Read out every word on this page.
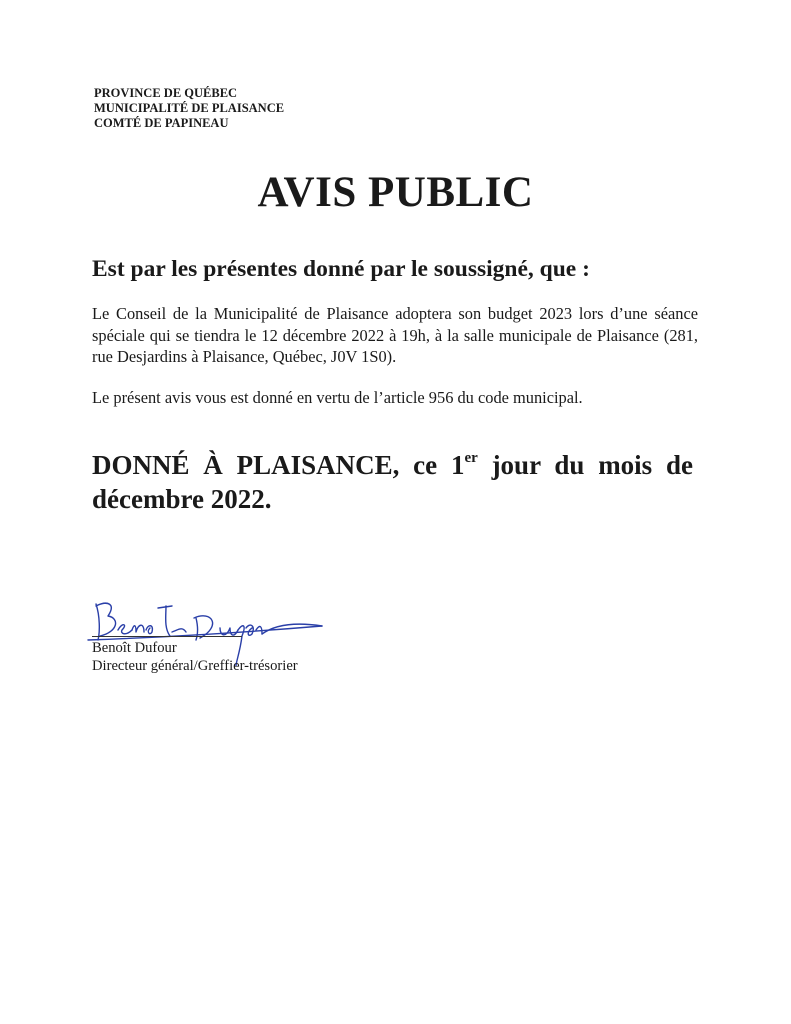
PROVINCE DE QUÉBEC
MUNICIPALITÉ DE PLAISANCE
COMTÉ DE PAPINEAU
AVIS PUBLIC
Est par les présentes donné par le soussigné, que :
Le Conseil de la Municipalité de Plaisance adoptera son budget 2023 lors d’une séance spéciale qui se tiendra le 12 décembre 2022 à 19h, à la salle municipale de Plaisance (281, rue Desjardins à Plaisance, Québec, J0V 1S0).
Le présent avis vous est donné en vertu de l’article 956 du code municipal.
DONNÉ À PLAISANCE, ce 1er jour du mois de décembre 2022.
Benoît Dufour
Directeur général/Greffier-trésorier
